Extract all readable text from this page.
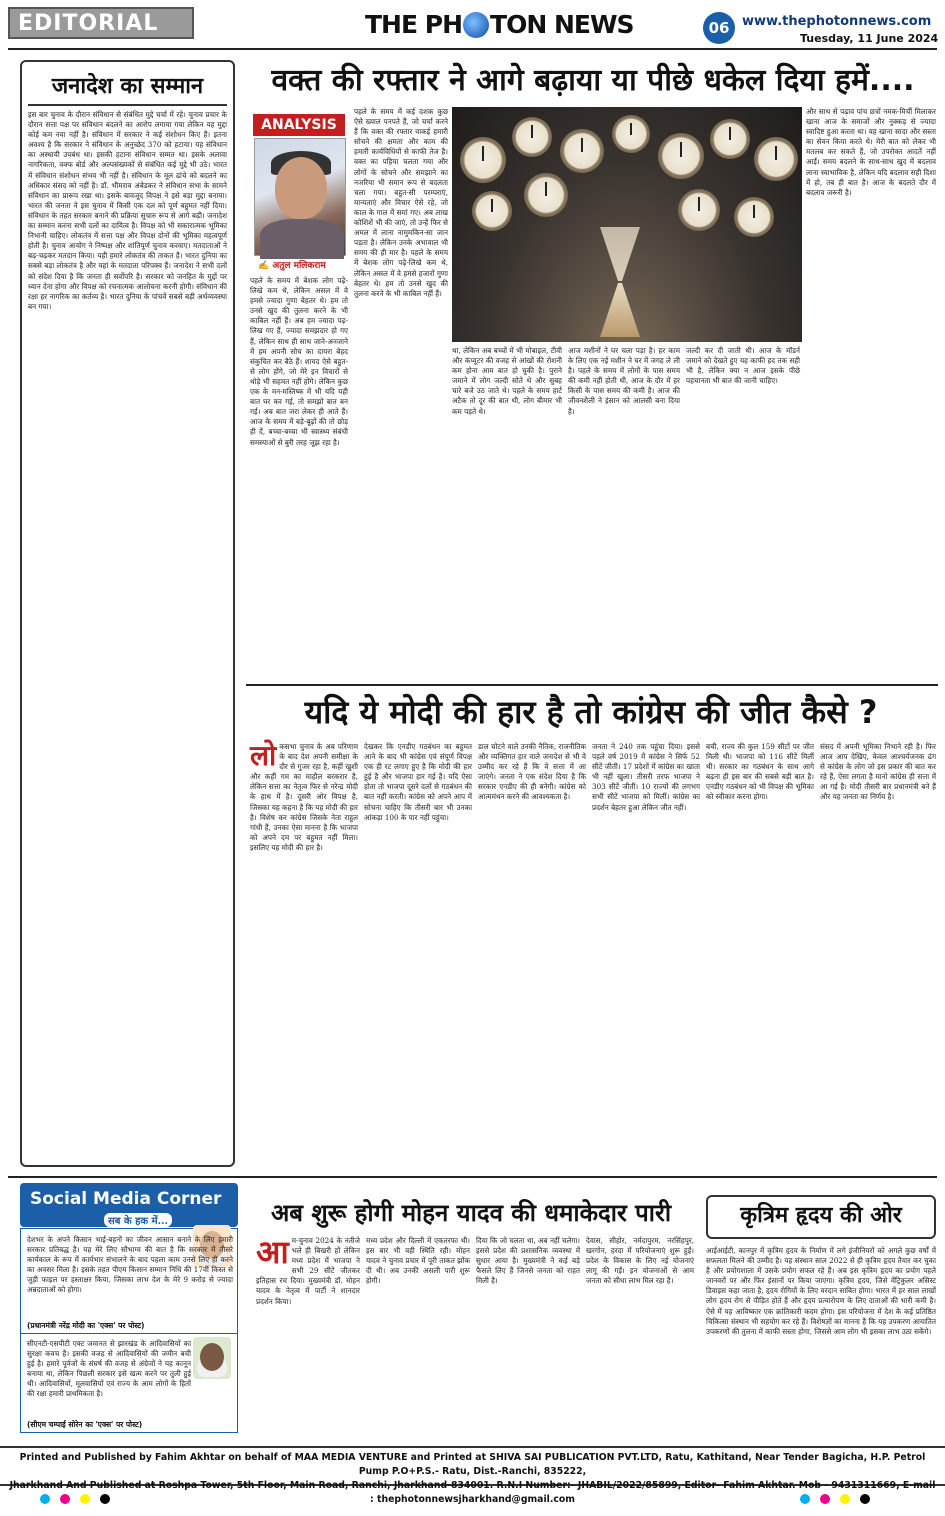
EDITORIAL	THE PH TON NEWS	06 www.thephotonnews.com
Tuesday, 11 June 2024
जनादेश का सम्मान
इस बार चुनाव के दौरान संविधान से संबंधित मुद्दे चर्चा में रहे। चुनाव प्रचार के दौरान सत्ता पक्ष पर संविधान बदलने का आरोप लगाया गया लेकिन यह मुद्दा कोई कम नया नहीं है। संविधान में सरकार ने कई संशोधन किए हैं। इतना अवश्य है कि सरकार ने संविधान के अनुच्छेद 370 को हटाया। यह संविधान का अस्थायी उपबंध था। इसकी हटाना संविधान सम्मत था। इसके अलावा नागरिकता, वक्फ बोर्ड और अल्पसंख्यकों से संबंधित कई मुद्दे भी उठे। भारत में संविधान संशोधन संभव भी नहीं है। संविधान के मूल ढांचे को बदलने का अधिकार संसद को नहीं है। डॉ. भीमराव अंबेडकर ने संविधान सभा के सामने संविधान का प्रारूप रखा था। इसके बावजूद विपक्ष ने इसे बड़ा मुद्दा बनाया। भारत की जनता ने इस चुनाव में किसी एक दल को पूर्ण बहुमत नहीं दिया। संविधान के तहत सरकार बनाने की प्रक्रिया सुचारु रूप से आगे बढ़ी। जनादेश का सम्मान करना सभी दलों का दायित्व है। विपक्ष को भी सकारात्मक भूमिका निभानी चाहिए। लोकतंत्र में सत्ता पक्ष और विपक्ष दोनों की भूमिका महत्वपूर्ण होती है। चुनाव आयोग ने निष्पक्ष और शांतिपूर्ण चुनाव करवाए। मतदाताओं ने बढ़-चढ़कर मतदान किया। यही हमारे लोकतंत्र की ताकत है। भारत दुनिया का सबसे बड़ा लोकतंत्र है और यहां के मतदाता परिपक्व हैं। जनादेश ने सभी दलों को संदेश दिया है कि जनता ही सर्वोपरि है। सरकार को जनहित के मुद्दों पर ध्यान देना होगा और विपक्ष को रचनात्मक आलोचना करनी होगी। संविधान की रक्षा हर नागरिक का कर्तव्य है। भारत दुनिया के पांचवें सबसे बड़ी अर्थव्यवस्था बन गया।
वक्त की रफ्तार ने आगे बढ़ाया या पीछे धकेल दिया हमें....
ANALYSIS
✍ अतुल मलिकराम
पहले के समय में बेशक लोग पढ़े-लिखे कम थे, लेकिन असल में वे हमसे ज्यादा गुणा बेहतर थे। हम तो उनसे खुद की तुलना करने के भी काबिल नहीं हैं। अब हम ज्यादा पढ़-लिख गए हैं, ज्यादा समझदार हो गए हैं, लेकिन साथ ही साथ जाने-अनजाने में हम अपनी सोच का दायरा बेहद संकुचित कर बैठे हैं। शायद ऐसे बहुत-से लोग होंगे, जो मेरे इन विचारों से थोड़े भी सहमत नहीं होंगे। लेकिन कुछ एक के मन-मस्तिष्क में भी यदि यही बात घर कर गई, तो समझो बात बन गई। अब बात जरा लेकर ही आते हैं। आज के समय में बड़े-बूढ़ों की तो छोड़ ही दें, बच्चा-बच्चा भी स्वास्थ्य संबंधी समस्याओं से बुरी तरह जूझ रहा है।
पहले के समय में कई दशक कुछ ऐसे ख्याल पनपते हैं, जो चर्चा करने हैं कि वक्त की रफ्तार वाकई हमारी सोचने की क्षमता और काम की हमारी कार्यविधियों से काफी तेज है। वक्त का पहिया चलता गया और लोगों के सोचने और समझाने का नजरिया भी समान रूप से बदलता चला गया। बहुत-सी परम्पराएं, मान्यताएं और विचार ऐसे रहे, जो काल के गाल में समां गए। अब लाख कोशिशें भी की जाएं, तो उन्हें फिर से अमल में लाना नामुमकिन-सा जान पड़ता है। लेकिन उनके अभावाल भी समय की ही मार है। पहले के समय में बेशक लोग पढ़े-लिखे कम थे, लेकिन असल में वे हमसे हजारों गुणा बेहतर थे। हम तो उनसे खुद की तुलना करने के भी काबिल नहीं हैं।
था, लेकिन अब बच्चों में भी मोबाइल, टीवी और कंप्यूटर की वजह से आंखों की रोशनी कम होना आम बात हो चुकी है। पुराने जमाने में लोग जल्दी सोते थे और सुबह चारे बजे उठ जाते थे। पहले के समय हार्ट अटैक तो दूर की बात थी, लोग बीमार भी कम पड़ते थे।
आज मशीनों ने घर चला पड़ा है। हर काम के लिए एक नई मशीन ने घर में जगह ले ली है। पहले के समय में लोगों के पास समय की कमी नहीं होती थी, आज के दौर में हर किसी के पास समय की कमी है। आज की जीवनशैली ने इंसान को आलसी बना दिया है।
जल्दी कर दी जाती थी। आज के मॉडर्न जमाने को देखते हुए यह काफी हद तक सही भी है, लेकिन क्या न आज इसके पीछे पहचानता भी बात की जानी चाहिए।
और साथ से पढ़ाव पांच छत्रों नमक-मिर्ची मिलाकर खाना आज के समाजों और नुक्कड़ से ज्यादा स्वादिष्ट हुआ करता था। वह खाना सादा और सस्ता का सेवन किया करते थे। मेरी बात को लेकर भी मतलब कर सकते हैं, जो उपरोक्त आदतें नहीं आईं। समय बदलने के साथ-साथ खुद में बदलाव लाना स्वाभाविक है, लेकिन यदि बदलाव सही दिशा में हो, तब ही बात है। आज के बदलते दौर में बदलाव जरूरी है।
यदि ये मोदी की हार है तो कांग्रेस की जीत कैसे ?
लोकसभा चुनाव के अब परिणाम के बाद देश अपनी समीक्षा के दौर से गुजर रहा है, कहीं खुशी और कहीं गम का माहौल बरकरार है, लेकिन सत्ता का नेतृत्व फिर से नरेन्द्र मोदी के हाथ में है। दूसरी ओर विपक्ष है, जिसका यह कहना है कि यह मोदी की हार है। विशेष कर कांग्रेस जिसके नेता राहुल गांधी हैं, उनका ऐसा मानना है कि भाजपा को अपने दम पर बहुमत नहीं मिला। इसलिए यह मोदी की हार है।
देखकर कि एनडीए गठबंधन का बहुमत आने के बाद भी कांग्रेस एवं संपूर्ण विपक्ष एक ही रट लगाए हुए है कि मोदी की हार हुई है और भाजपा हार गई है। यदि ऐसा होता तो भाजपा दूसरे दलों से गठबंधन की बात नहीं करती। कांग्रेस को अपने आप में सोचना चाहिए कि तीसरी बार भी उनका आंकड़ा 100 के पार नहीं पहुंचा।
डाल चोटने वाले उनकी नैतिक, राजनीतिक और व्यक्तिगत हार वाले जनादेश से भी वे उम्मीद कर रहे हैं कि वे सत्ता में आ जाएंगे। जनता ने एक संदेश दिया है कि सरकार एनडीए की ही बनेगी। कांग्रेस को आत्ममंथन करने की आवश्यकता है।
जनता ने 240 तक पहुंचा दिया। इससे पहले वर्ष 2019 में कांग्रेस ने सिर्फ 52 सीटें जीती। 17 प्रदेशों में कांग्रेस का खाता भी नहीं खुला। तीसरी तरफ भाजपा ने 303 सीटें जीतीं। 10 राज्यों की लगभग सभी सीटें भाजपा को मिलीं। कांग्रेस का प्रदर्शन बेहतर हुआ लेकिन जीत नहीं।
बची, राज्य की कुल 159 सीटों पर जीत मिली थी। भाजपा को 116 सीटें मिलीं थी। सरकार का गठबंधन के साथ आगे बढ़ना ही इस बार की सबसे बड़ी बात है। एनडीए गठबंधन को भी विपक्ष की भूमिका को स्वीकार करना होगा।
संसद में अपनी भूमिका निभाने रही है। फिर आज आप देखिए, केवल आश्चर्यजनक ढंग से कांग्रेस के लोग जो इस प्रकार की बात कर रहे हैं, ऐसा लगता है मानो कांग्रेस ही सत्ता में आ गई है। मोदी तीसरी बार प्रधानमंत्री बने हैं और यह जनता का निर्णय है।
Social Media Corner
सब के हक में...
देशभर के अपने किसान भाई-बहनों का जीवन आसान बनाने के लिए हमारी सरकार प्रतिबद्ध है। यह मेरे लिए सौभाग्य की बात है कि सरकार में तीसरे कार्यकाल के रूप में कार्यभार संभालने के बाद पहला काम उनसे लिए ही करने का अवसर मिला है। इसके तहत पीएम किसान सम्मान निधि की 17वीं किस्त से जुड़ी फाइल पर हस्ताक्षर किया, जिसका लाभ देश के मेरे 9 करोड़ से ज्यादा अन्नदाताओं को होगा।
(प्रधानमंत्री नरेंद्र मोदी का 'एक्स' पर पोस्ट)
सीएनटी-एसपीटी एक्ट जमानत से झारखंड के आदिवासियों का सुरक्षा कवच है। इसकी वजह से आदिवासियों की जमीन बची हुई है। हमारे पूर्वजों के संघर्ष की वजह से अंग्रेजों ने यह कानून बनाया था, लेकिन पिछली सरकार इसे खत्म करने पर तुली हुई थी। आदिवासियों, मूलवासियों एवं राज्य के आम लोगों के हितों की रक्षा हमारी प्राथमिकता है।
(सीएम चम्पाई सोरेन का 'एक्स' पर पोस्ट)
अब शुरू होगी मोहन यादव की धमाकेदार पारी
आम-चुनाव 2024 के नतीजे भले ही बिखरी हों लेकिन मध्य प्रदेश में भाजपा ने सभी 29 सीटें जीतकर इतिहास रच दिया। मुख्यमंत्री डॉ. मोहन यादव के नेतृत्व में पार्टी ने शानदार प्रदर्शन किया।
मध्य प्रदेश और दिल्ली में एकतरफा थी। इस बार भी वही स्थिति रही। मोहन यादव ने चुनाव प्रचार में पूरी ताकत झोंक दी थी। अब उनकी असली पारी शुरू होगी।
दिया कि जो चलता था, अब नहीं चलेगा। इससे प्रदेश की प्रशासनिक व्यवस्था में सुधार आया है। मुख्यमंत्री ने कई बड़े फैसले लिए हैं जिनसे जनता को राहत मिली है।
देवास, सीहोर, नर्मदापुरम, नरसिंहपुर, खरगोन, हरदा में परियोजनाएं शुरू हुईं। प्रदेश के विकास के लिए नई योजनाएं लागू की गईं। इन योजनाओं से आम जनता को सीधा लाभ मिल रहा है।
कृत्रिम हृदय की ओर
आईआईटी, कानपुर में कृत्रिम हृदय के निर्माण में लगे इंजीनियरों को अगले कुछ वर्षों में सफलता मिलने की उम्मीद है। यह संस्थान साल 2022 से ही कृत्रिम हृदय तैयार कर चुका है और प्रयोगशाला में उसके प्रयोग सफल रहे हैं। अब इस कृत्रिम हृदय का प्रयोग पहले जानवरों पर और फिर इंसानों पर किया जाएगा। कृत्रिम हृदय, जिसे वेंट्रिकुलर असिस्ट डिवाइस कहा जाता है, हृदय रोगियों के लिए वरदान साबित होगा। भारत में हर साल लाखों लोग हृदय रोग से पीड़ित होते हैं और हृदय प्रत्यारोपण के लिए दाताओं की भारी कमी है। ऐसे में यह आविष्कार एक क्रांतिकारी कदम होगा। इस परियोजना में देश के कई प्रतिष्ठित चिकित्सा संस्थान भी सहयोग कर रहे हैं। विशेषज्ञों का मानना है कि यह उपकरण आयातित उपकरणों की तुलना में काफी सस्ता होगा, जिससे आम लोग भी इसका लाभ उठा सकेंगे।
Printed and Published by Fahim Akhtar on behalf of MAA MEDIA VENTURE and Printed at SHIVA SAI PUBLICATION PVT.LTD, Ratu, Kathitand, Near Tender Bagicha, H.P. Petrol Pump P.O+P.S.- Ratu, Dist.-Ranchi, 835222,
Jharkhand And Published at Roshpa Tower, 5th Floor, Main Road, Ranchi, Jharkhand-834001. R.N.I Number:- JHABIL/2022/85899, Editor- Fahim Akhtar. Mob - 9431311669, E-mail : thephotonnewsjharkhand@gmail.com
